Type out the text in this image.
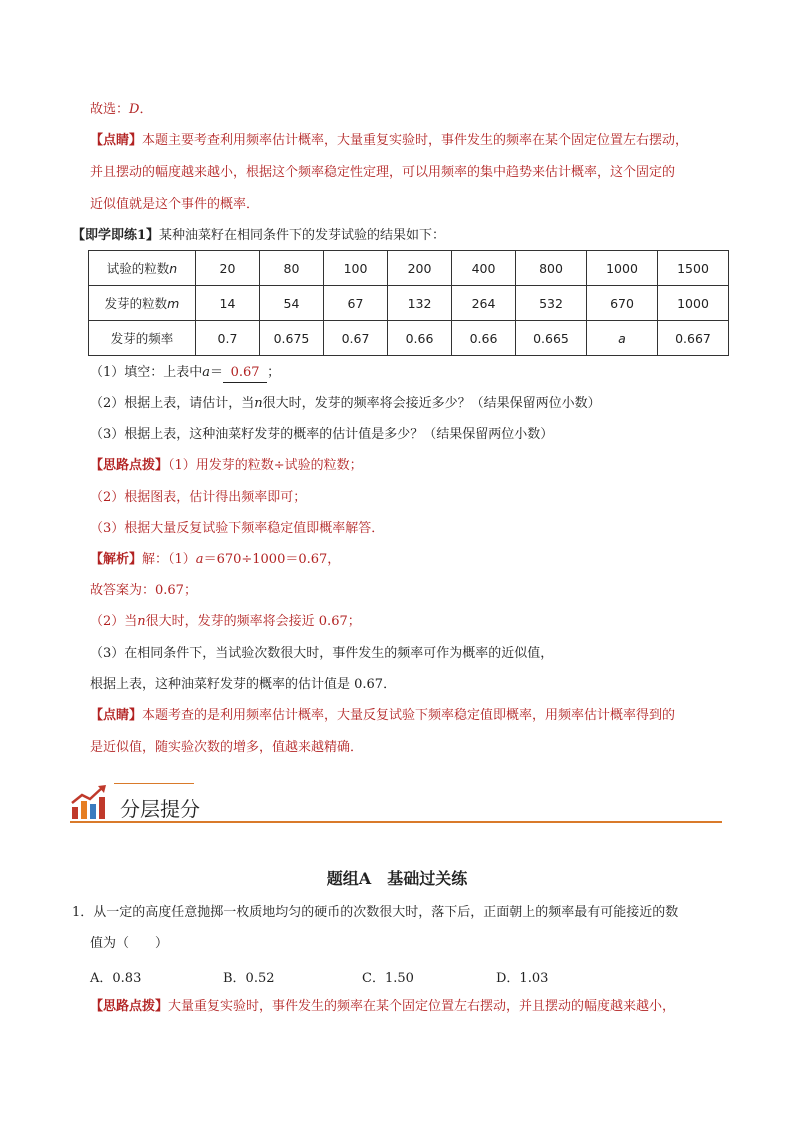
故选：D．
【点睛】本题主要考查利用频率估计概率，大量重复实验时，事件发生的频率在某个固定位置左右摆动，
并且摆动的幅度越来越小，根据这个频率稳定性定理，可以用频率的集中趋势来估计概率，这个固定的
近似值就是这个事件的概率．
【即学即练1】某种油菜籽在相同条件下的发芽试验的结果如下：
试验的粒数n	20	80	100	200	400	800	1000	1500
发芽的粒数m	14	54	67	132	264	532	670	1000
发芽的频率	0.7	0.675	0.67	0.66	0.66	0.665	a	0.667
（1）填空：上表中a＝ 0.67 ；
（2）根据上表，请估计，当n很大时，发芽的频率将会接近多少？（结果保留两位小数）
（3）根据上表，这种油菜籽发芽的概率的估计值是多少？（结果保留两位小数）
【思路点拨】（1）用发芽的粒数÷试验的粒数；
（2）根据图表，估计得出频率即可；
（3）根据大量反复试验下频率稳定值即概率解答．
【解析】解：（1）a＝670÷1000＝0.67，
故答案为：0.67；
（2）当n很大时，发芽的频率将会接近 0.67；
（3）在相同条件下，当试验次数很大时，事件发生的频率可作为概率的近似值，
根据上表，这种油菜籽发芽的概率的估计值是 0.67．
【点睛】本题考查的是利用频率估计概率，大量反复试验下频率稳定值即概率，用频率估计概率得到的
是近似值，随实验次数的增多，值越来越精确．
分层提分
题组A　基础过关练
1．从一定的高度任意抛掷一枚质地均匀的硬币的次数很大时，落下后，正面朝上的频率最有可能接近的数
值为（　　）
A．0.83	B．0.52	C．1.50	D．1.03
【思路点拨】大量重复实验时，事件发生的频率在某个固定位置左右摆动，并且摆动的幅度越来越小，
